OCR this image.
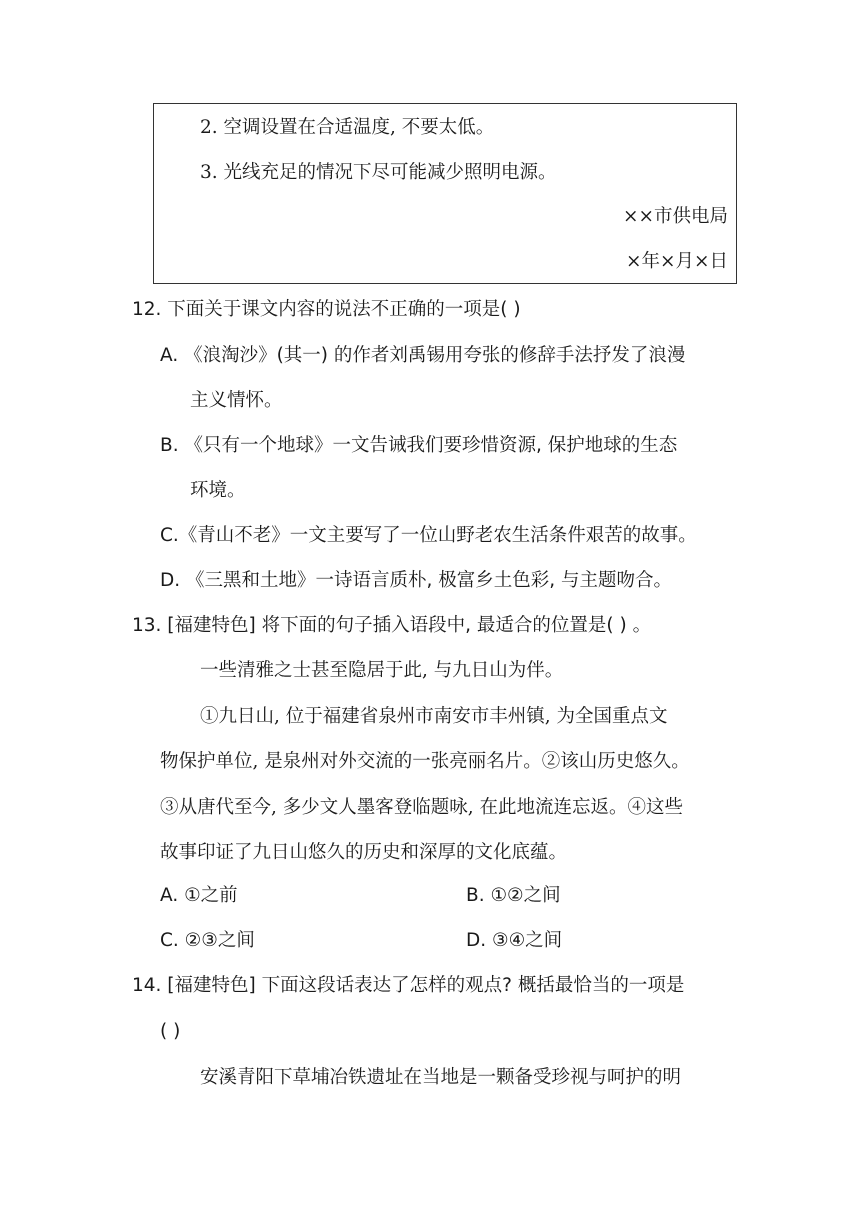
2. 空调设置在合适温度, 不要太低。
3. 光线充足的情况下尽可能减少照明电源。
××市供电局
×年×月×日
12. 下面关于课文内容的说法不正确的一项是( )
A. 《浪淘沙》(其一) 的作者刘禹锡用夸张的修辞手法抒发了浪漫
主义情怀。
B. 《只有一个地球》一文告诫我们要珍惜资源, 保护地球的生态
环境。
C.《青山不老》一文主要写了一位山野老农生活条件艰苦的故事。
D. 《三黑和土地》一诗语言质朴, 极富乡土色彩, 与主题吻合。
13. [福建特色] 将下面的句子插入语段中, 最适合的位置是( ) 。
一些清雅之士甚至隐居于此, 与九日山为伴。
①九日山, 位于福建省泉州市南安市丰州镇, 为全国重点文
物保护单位, 是泉州对外交流的一张亮丽名片。②该山历史悠久。
③从唐代至今, 多少文人墨客登临题咏, 在此地流连忘返。④这些
故事印证了九日山悠久的历史和深厚的文化底蕴。
A. ①之前	B. ①②之间
C. ②③之间	D. ③④之间
14. [福建特色] 下面这段话表达了怎样的观点? 概括最恰当的一项是
( )
安溪青阳下草埔冶铁遗址在当地是一颗备受珍视与呵护的明
